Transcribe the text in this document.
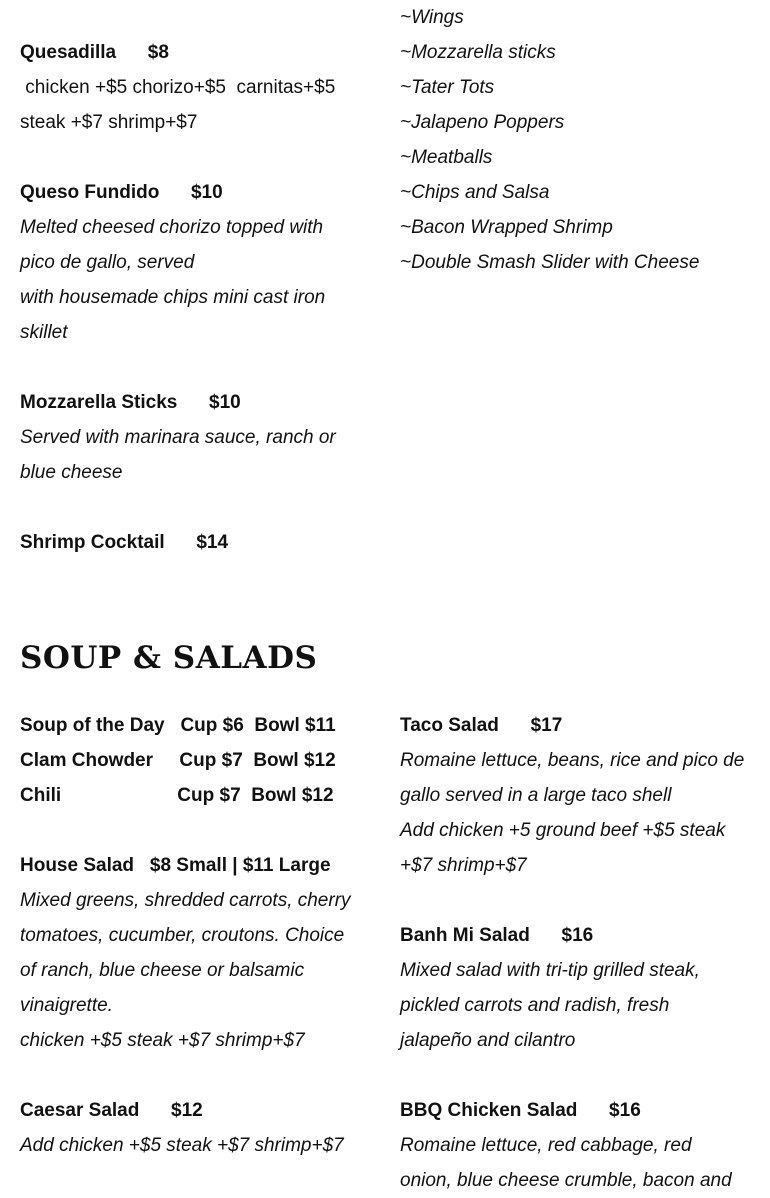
Quesadilla      $8

chicken +$5 chorizo+$5  carnitas+$5

steak +$7 shrimp+$7

Queso Fundido      $10

Melted cheesed chorizo topped with

pico de gallo, served

with housemade chips mini cast iron

skillet

Mozzarella Sticks      $10

Served with marinara sauce, ranch or

blue cheese

Shrimp Cocktail      $14

~Wings

~Mozzarella sticks

~Tater Tots

~Jalapeno Poppers

~Meatballs

~Chips and Salsa

~Bacon Wrapped Shrimp

~Double Smash Slider with Cheese

SOUP & SALADS

Soup of the Day   Cup $6  Bowl $11

Clam Chowder     Cup $7  Bowl $12

Chili                      Cup $7  Bowl $12

House Salad   $8 Small | $11 Large

Mixed greens, shredded carrots, cherry

tomatoes, cucumber, croutons. Choice

of ranch, blue cheese or balsamic

vinaigrette.

chicken +$5 steak +$7 shrimp+$7

Caesar Salad      $12

Add chicken +$5 steak +$7 shrimp+$7

Taco Salad      $17

Romaine lettuce, beans, rice and pico de

gallo served in a large taco shell

Add chicken +5 ground beef +$5 steak

+$7 shrimp+$7

Banh Mi Salad      $16

Mixed salad with tri-tip grilled steak,

pickled carrots and radish, fresh

jalapeño and cilantro

BBQ Chicken Salad      $16

Romaine lettuce, red cabbage, red

onion, blue cheese crumble, bacon and
